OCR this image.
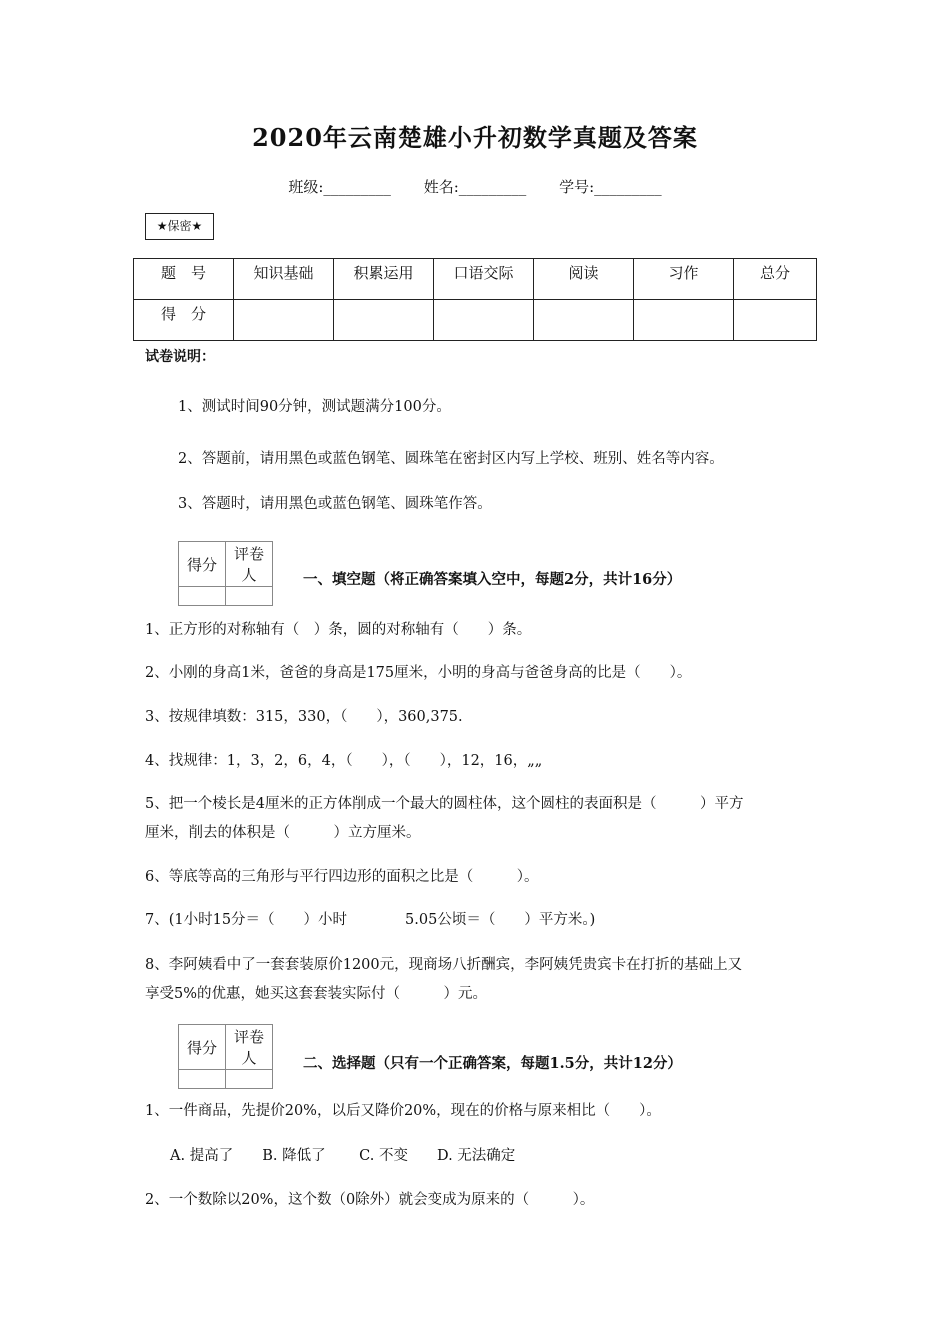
2020年云南楚雄小升初数学真题及答案
班级:_________ 姓名:_________ 学号:_________
★保密★
题　号	知识基础	积累运用	口语交际	阅读	习作	总分
得　分						
试卷说明：
1、测试时间90分钟，测试题满分100分。
2、答题前，请用黑色或蓝色钢笔、圆珠笔在密封区内写上学校、班别、姓名等内容。
3、答题时，请用黑色或蓝色钢笔、圆珠笔作答。
得分	评卷人
		一、填空题（将正确答案填入空中，每题2分，共计16分）
1、正方形的对称轴有（　）条，圆的对称轴有（　　）条。
2、小刚的身高1米，爸爸的身高是175厘米，小明的身高与爸爸身高的比是（　　）。
3、按规律填数：315，330，（　　），360,375.
4、找规律：1，3，2，6，4，（　　），（　　），12，16，„„
5、把一个棱长是4厘米的正方体削成一个最大的圆柱体，这个圆柱的表面积是（　　　）平方
厘米，削去的体积是（　　　）立方厘米。
6、等底等高的三角形与平行四边形的面积之比是（　　　）。
7、(1小时15分＝（　　）小时　　　　5.05公顷＝（　　）平方米。)
8、李阿姨看中了一套套装原价1200元，现商场八折酬宾，李阿姨凭贵宾卡在打折的基础上又
享受5%的优惠，她买这套套装实际付（　　　）元。
得分	评卷人
		二、选择题（只有一个正确答案，每题1.5分，共计12分）
1、一件商品，先提价20%，以后又降价20%，现在的价格与原来相比（　　）。
A. 提高了　　B. 降低了　　 C. 不变　　D. 无法确定
2、一个数除以20%，这个数（0除外）就会变成为原来的（　　　）。
